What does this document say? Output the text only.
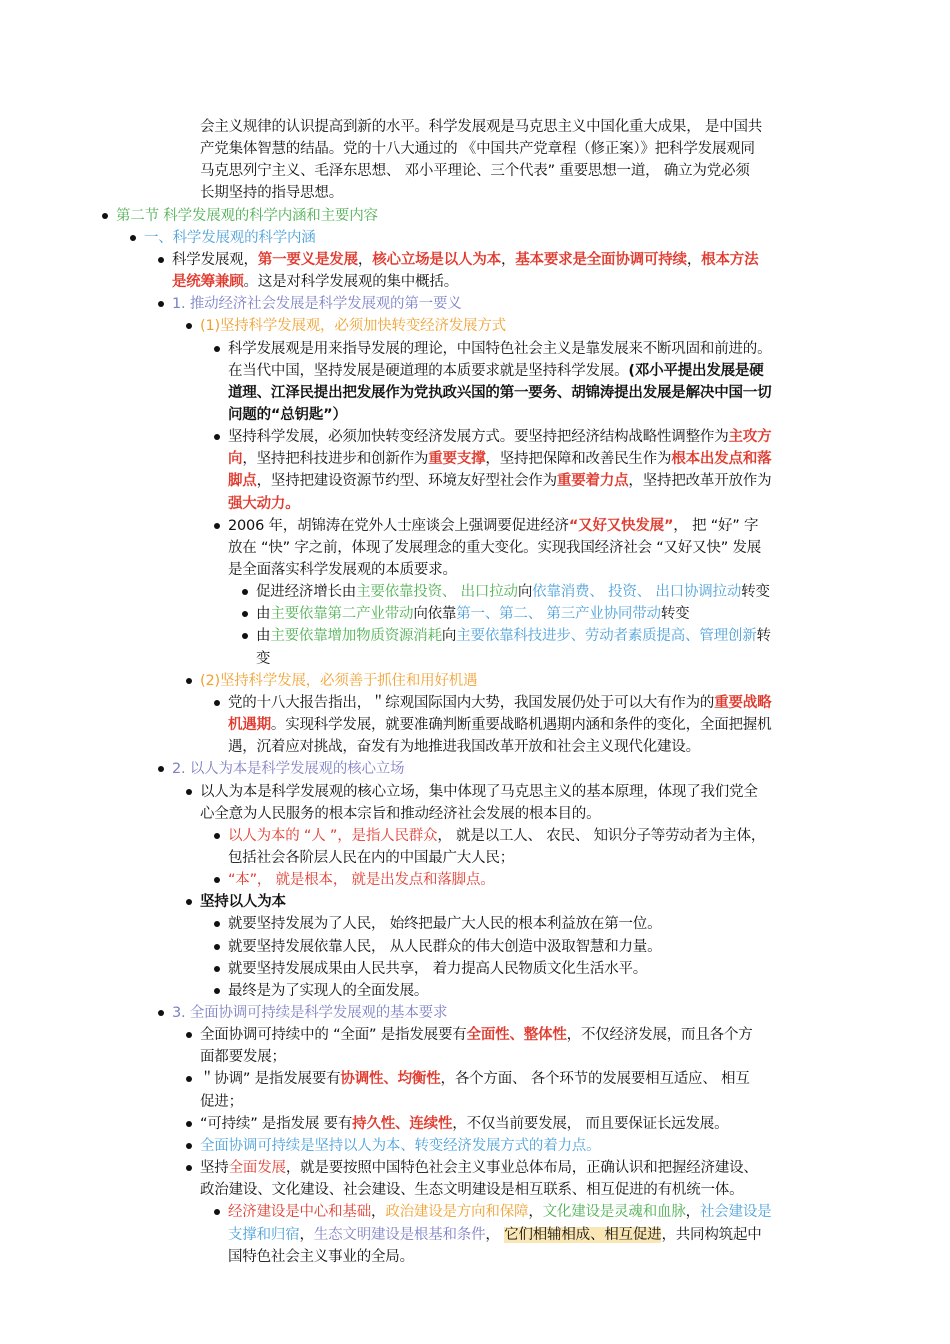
会主义规律的认识提高到新的水平。科学发展观是马克思主义中国化重大成果， 是中国共
产党集体智慧的结晶。党的十八大通过的 《中国共产党章程（修正案）》把科学发展观同
马克思列宁主义、毛泽东思想、 邓小平理论、三个代表” 重要思想一道， 确立为党必须
长期坚持的指导思想。
第二节 科学发展观的科学内涵和主要内容
一、科学发展观的科学内涵
科学发展观，第一要义是发展，核心立场是以人为本，基本要求是全面协调可持续，根本方法
是统筹兼顾。这是对科学发展观的集中概括。
1. 推动经济社会发展是科学发展观的第一要义
(1)坚持科学发展观，必须加快转变经济发展方式
科学发展观是用来指导发展的理论，中国特色社会主义是靠发展来不断巩固和前进的。
在当代中国，坚持发展是硬道理的本质要求就是坚持科学发展。(邓小平提出发展是硬
道理、江泽民提出把发展作为党执政兴国的第一要务、胡锦涛提出发展是解决中国一切
问题的“总钥匙”）
坚持科学发展，必须加快转变经济发展方式。要坚持把经济结构战略性调整作为主攻方
向，坚持把科技进步和创新作为重要支撑，坚持把保障和改善民生作为根本出发点和落
脚点，坚持把建设资源节约型、环境友好型社会作为重要着力点，坚持把改革开放作为
强大动力。
2006 年，胡锦涛在党外人士座谈会上强调要促进经济“又好又快发展”， 把 “好” 字
放在 “快” 字之前，体现了发展理念的重大变化。实现我国经济社会 “又好又快” 发展
是全面落实科学发展观的本质要求。
促进经济增长由主要依靠投资、 出口拉动向依靠消费、 投资、 出口协调拉动转变
由主要依靠第二产业带动向依靠第一、第二、 第三产业协同带动转变
由主要依靠增加物质资源消耗向主要依靠科技进步、劳动者素质提高、管理创新转
变
(2)坚持科学发展，必须善于抓住和用好机遇
党的十八大报告指出，＂综观国际国内大势，我国发展仍处于可以大有作为的重要战略
机遇期。实现科学发展，就要准确判断重要战略机遇期内涵和条件的变化，全面把握机
遇，沉着应对挑战，奋发有为地推进我国改革开放和社会主义现代化建设。
2. 以人为本是科学发展观的核心立场
以人为本是科学发展观的核心立场，集中体现了马克思主义的基本原理，体现了我们党全
心全意为人民服务的根本宗旨和推动经济社会发展的根本目的。
以人为本的 “人 ”，是指人民群众， 就是以工人、 农民、 知识分子等劳动者为主体，
包括社会各阶层人民在内的中国最广大人民；
“本”， 就是根本， 就是出发点和落脚点。
坚持以人为本
就要坚持发展为了人民， 始终把最广大人民的根本利益放在第一位。
就要坚持发展依靠人民， 从人民群众的伟大创造中汲取智慧和力量。
就要坚持发展成果由人民共享， 着力提高人民物质文化生活水平。
最终是为了实现人的全面发展。
3. 全面协调可持续是科学发展观的基本要求
全面协调可持续中的 “全面” 是指发展要有全面性、整体性，不仅经济发展，而且各个方
面都要发展；
＂协调” 是指发展要有协调性、均衡性，各个方面、 各个环节的发展要相互适应、 相互
促进；
“可持续” 是指发展 要有持久性、连续性，不仅当前要发展， 而且要保证长远发展。
全面协调可持续是坚持以人为本、转变经济发展方式的着力点。
坚持全面发展，就是要按照中国特色社会主义事业总体布局，正确认识和把握经济建设、
政治建设、文化建设、社会建设、生态文明建设是相互联系、相互促进的有机统一体。
经济建设是中心和基础，政治建设是方向和保障，文化建设是灵魂和血脉，社会建设是
支撑和归宿，生态文明建设是根基和条件， 它们相辅相成、相互促进，共同构筑起中
国特色社会主义事业的全局。
